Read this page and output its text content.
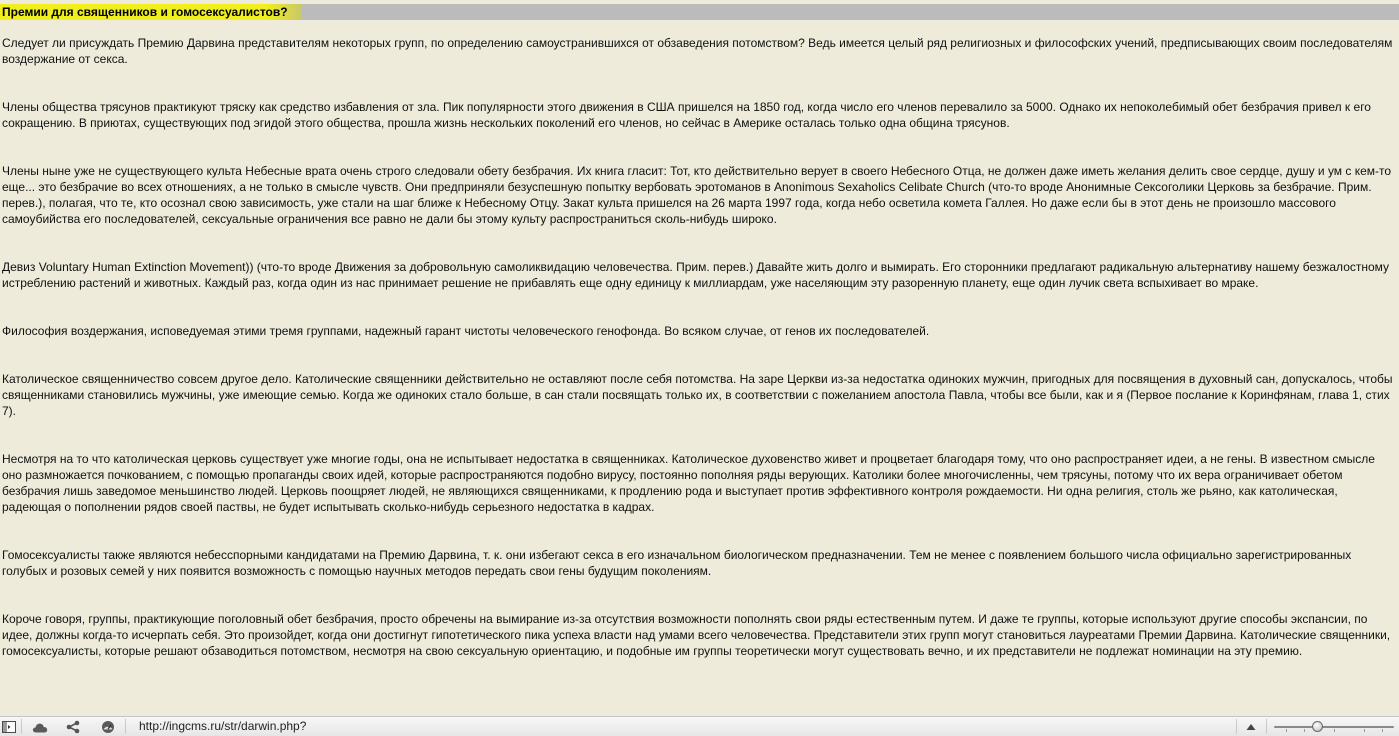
Премии для священников и гомосексуалистов?

Следует ли присуждать Премию Дарвина представителям некоторых групп, по определению самоустранившихся от обзаведения потомством? Ведь имеется целый ряд религиозных и философских учений, предписывающих своим последователям воздержание от секса.

Члены общества трясунов практикуют тряску как средство избавления от зла. Пик популярности этого движения в США пришелся на 1850 год, когда число его членов перевалило за 5000. Однако их непоколебимый обет безбрачия привел к его сокращению. В приютах, существующих под эгидой этого общества, прошла жизнь нескольких поколений его членов, но сейчас в Америке осталась только одна община трясунов.

Члены ныне уже не существующего культа Небесные врата очень строго следовали обету безбрачия. Их книга гласит: Тот, кто действительно верует в своего Небесного Отца, не должен даже иметь желания делить свое сердце, душу и ум с кем-то еще... это безбрачие во всех отношениях, а не только в смысле чувств. Они предприняли безуспешную попытку вербовать эротоманов в Anonimous Sexaholics Celibate Church (что-то вроде Анонимные Сексоголики Церковь за безбрачие. Прим. перев.), полагая, что те, кто осознал свою зависимость, уже стали на шаг ближе к Небесному Отцу. Закат культа пришелся на 26 марта 1997 года, когда небо осветила комета Галлея. Но даже если бы в этот день не произошло массового самоубийства его последователей, сексуальные ограничения все равно не дали бы этому культу распространиться сколь-нибудь широко.

Девиз Voluntary Human Extinction Movement)) (что-то вроде Движения за добровольную самоликвидацию человечества. Прим. перев.) Давайте жить долго и вымирать. Его сторонники предлагают радикальную альтернативу нашему безжалостному истреблению растений и животных. Каждый раз, когда один из нас принимает решение не прибавлять еще одну единицу к миллиардам, уже населяющим эту разоренную планету, еще один лучик света вспыхивает во мраке.

Философия воздержания, исповедуемая этими тремя группами, надежный гарант чистоты человеческого генофонда. Во всяком случае, от генов их последователей.

Католическое священничество совсем другое дело. Католические священники действительно не оставляют после себя потомства. На заре Церкви из-за недостатка одиноких мужчин, пригодных для посвящения в духовный сан, допускалось, чтобы священниками становились мужчины, уже имеющие семью. Когда же одиноких стало больше, в сан стали посвящать только их, в соответствии с пожеланием апостола Павла, чтобы все были, как и я (Первое послание к Коринфянам, глава 1, стих 7).

Несмотря на то что католическая церковь существует уже многие годы, она не испытывает недостатка в священниках. Католическое духовенство живет и процветает благодаря тому, что оно распространяет идеи, а не гены. В известном смысле оно размножается почкованием, с помощью пропаганды своих идей, которые распространяются подобно вирусу, постоянно пополняя ряды верующих. Католики более многочисленны, чем трясуны, потому что их вера ограничивает обетом безбрачия лишь заведомое меньшинство людей. Церковь поощряет людей, не являющихся священниками, к продлению рода и выступает против эффективного контроля рождаемости. Ни одна религия, столь же рьяно, как католическая, радеющая о пополнении рядов своей паствы, не будет испытывать сколько-нибудь серьезного недостатка в кадрах.

Гомосексуалисты также являются небесспорными кандидатами на Премию Дарвина, т. к. они избегают секса в его изначальном биологическом предназначении. Тем не менее с появлением большого числа официально зарегистрированных голубых и розовых семей у них появится возможность с помощью научных методов передать свои гены будущим поколениям.

Короче говоря, группы, практикующие поголовный обет безбрачия, просто обречены на вымирание из-за отсутствия возможности пополнять свои ряды естественным путем. И даже те группы, которые используют другие способы экспансии, по идее, должны когда-то исчерпать себя. Это произойдет, когда они достигнут гипотетического пика успеха власти над умами всего человечества. Представители этих групп могут становиться лауреатами Премии Дарвина. Католические священники, гомосексуалисты, которые решают обзаводиться потомством, несмотря на свою сексуальную ориентацию, и подобные им группы теоретически могут существовать вечно, и их представители не подлежат номинации на эту премию.

http://ingcms.ru/str/darwin.php?
